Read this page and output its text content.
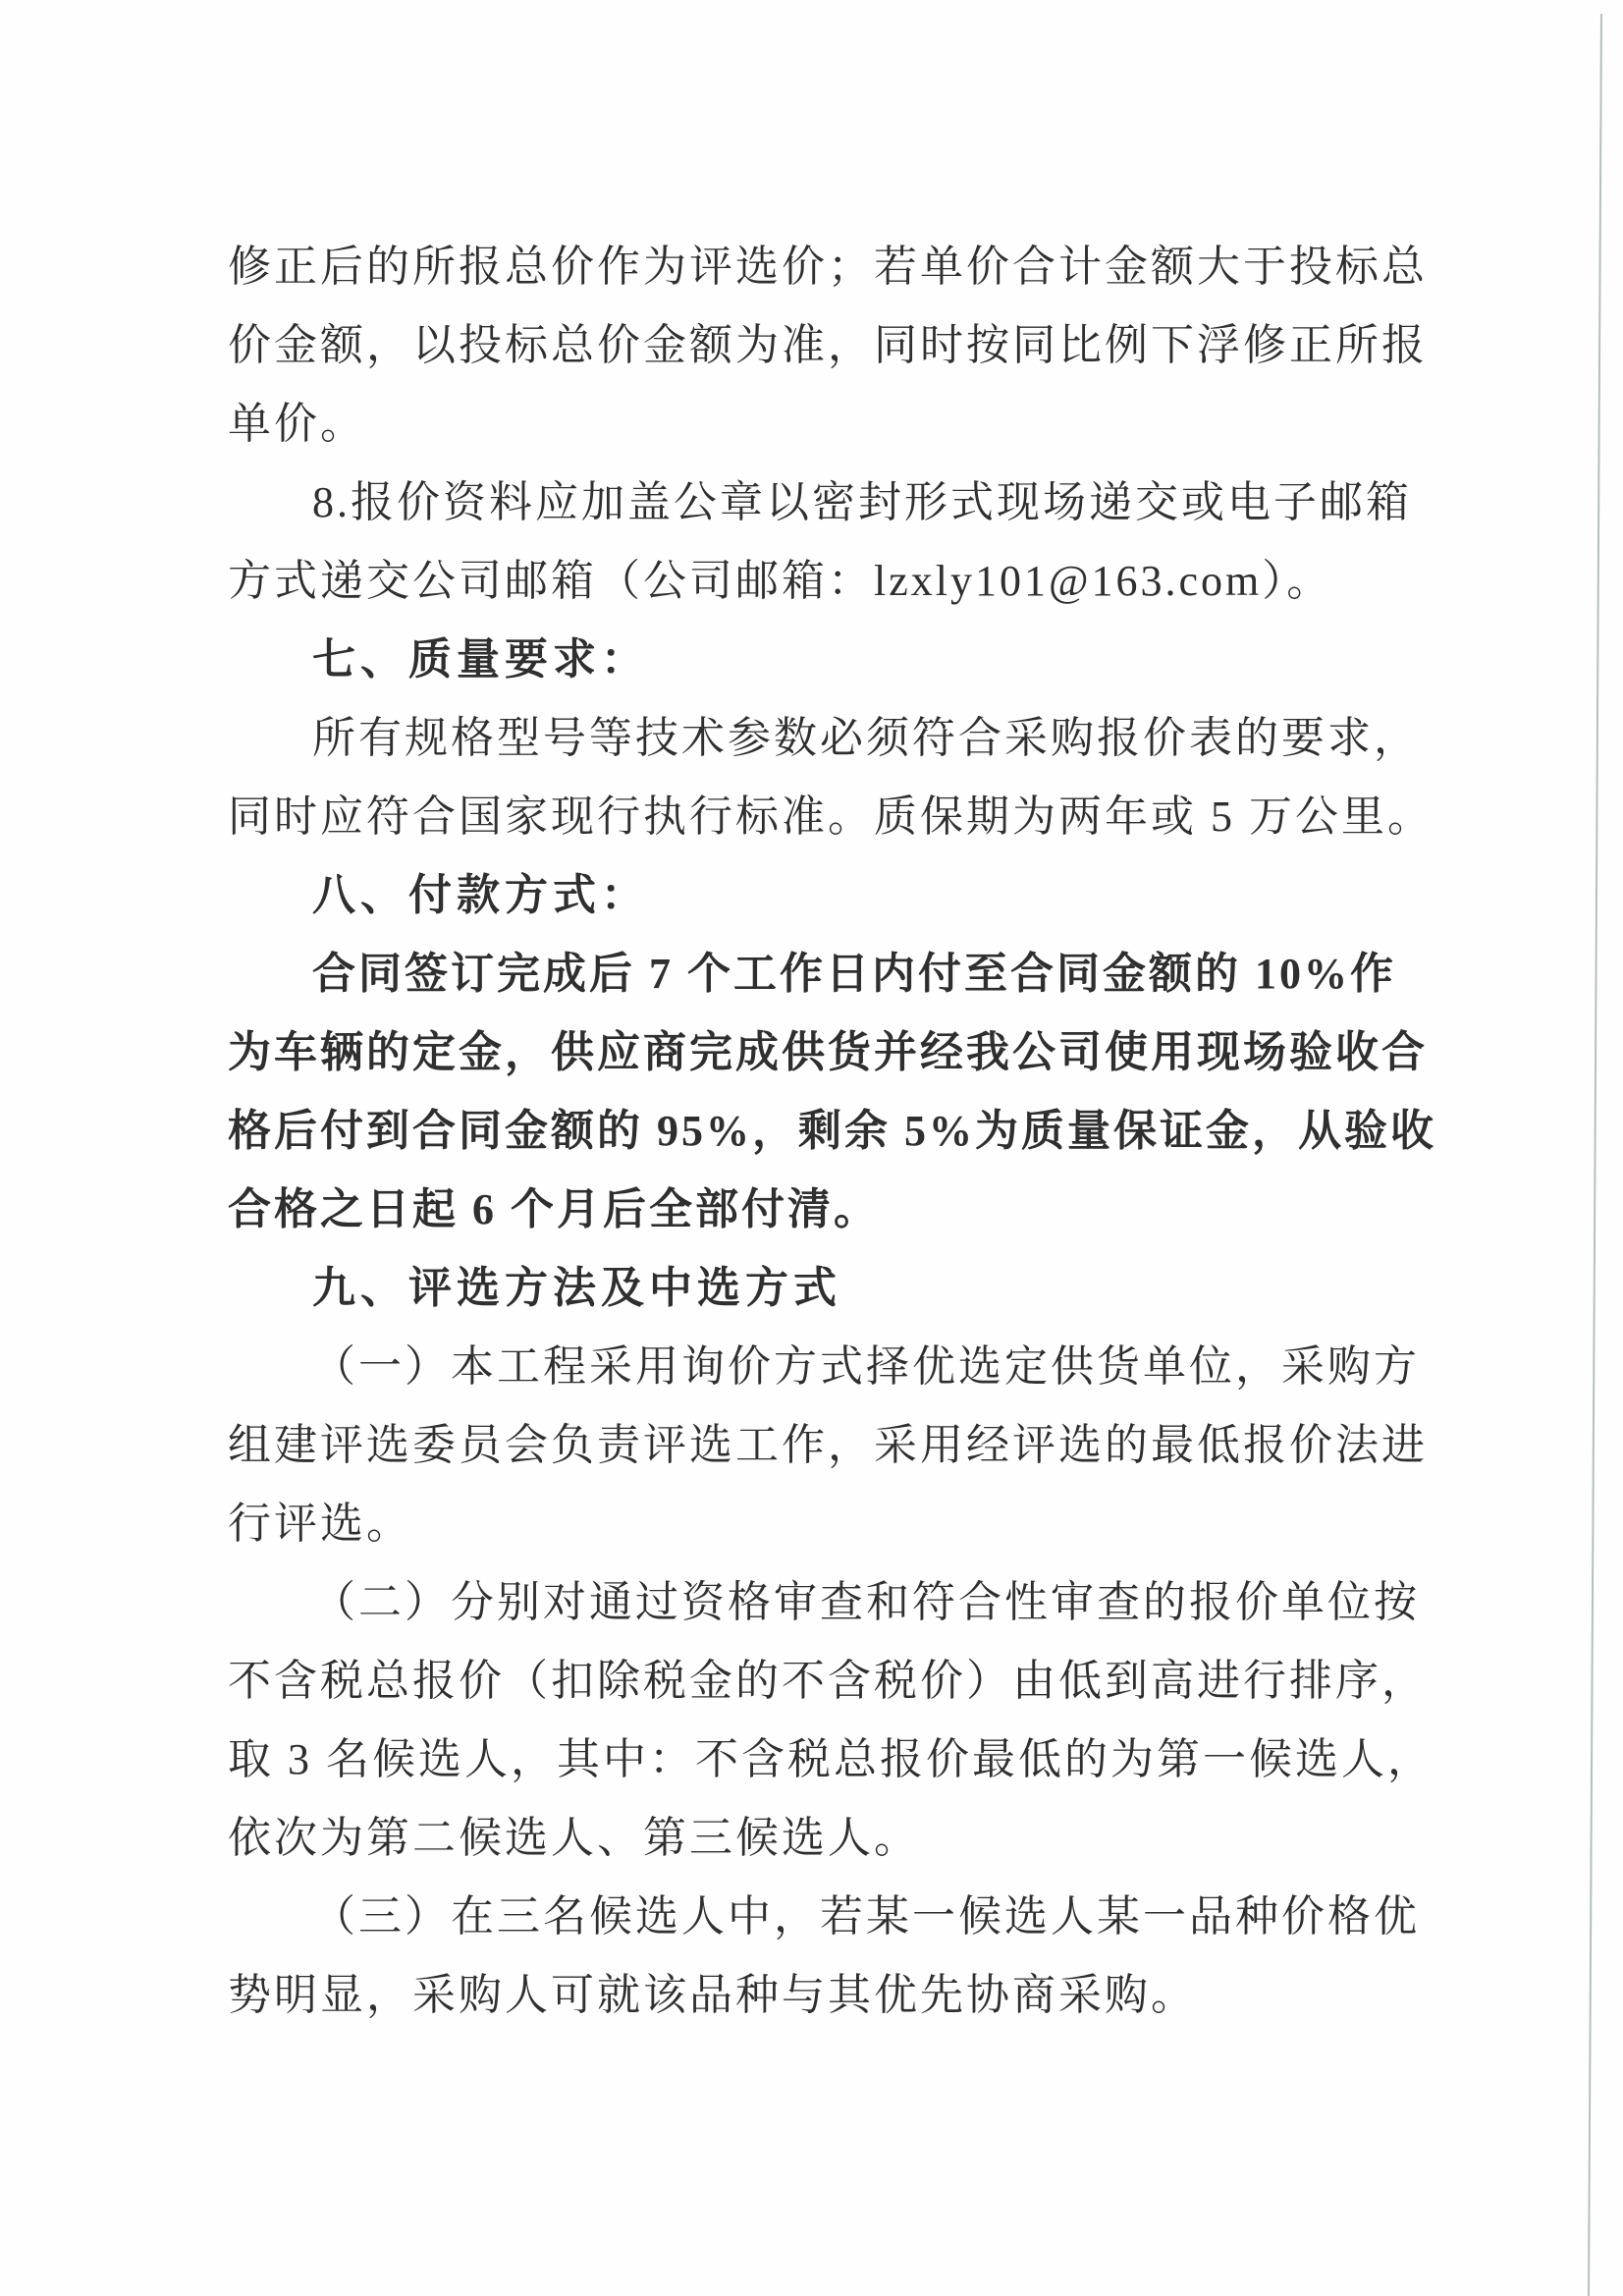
修正后的所报总价作为评选价；若单价合计金额大于投标总
价金额，以投标总价金额为准，同时按同比例下浮修正所报
单价。
8.报价资料应加盖公章以密封形式现场递交或电子邮箱
方式递交公司邮箱（公司邮箱：lzxly101@163.com）。
七、质量要求：
所有规格型号等技术参数必须符合采购报价表的要求，
同时应符合国家现行执行标准。质保期为两年或 5 万公里。
八、付款方式：
合同签订完成后 7 个工作日内付至合同金额的 10%作
为车辆的定金，供应商完成供货并经我公司使用现场验收合
格后付到合同金额的 95%，剩余 5%为质量保证金，从验收
合格之日起 6 个月后全部付清。
九、评选方法及中选方式
（一）本工程采用询价方式择优选定供货单位，采购方
组建评选委员会负责评选工作，采用经评选的最低报价法进
行评选。
（二）分别对通过资格审查和符合性审查的报价单位按
不含税总报价（扣除税金的不含税价）由低到高进行排序，
取 3 名候选人，其中：不含税总报价最低的为第一候选人，
依次为第二候选人、第三候选人。
（三）在三名候选人中，若某一候选人某一品种价格优
势明显，采购人可就该品种与其优先协商采购。
